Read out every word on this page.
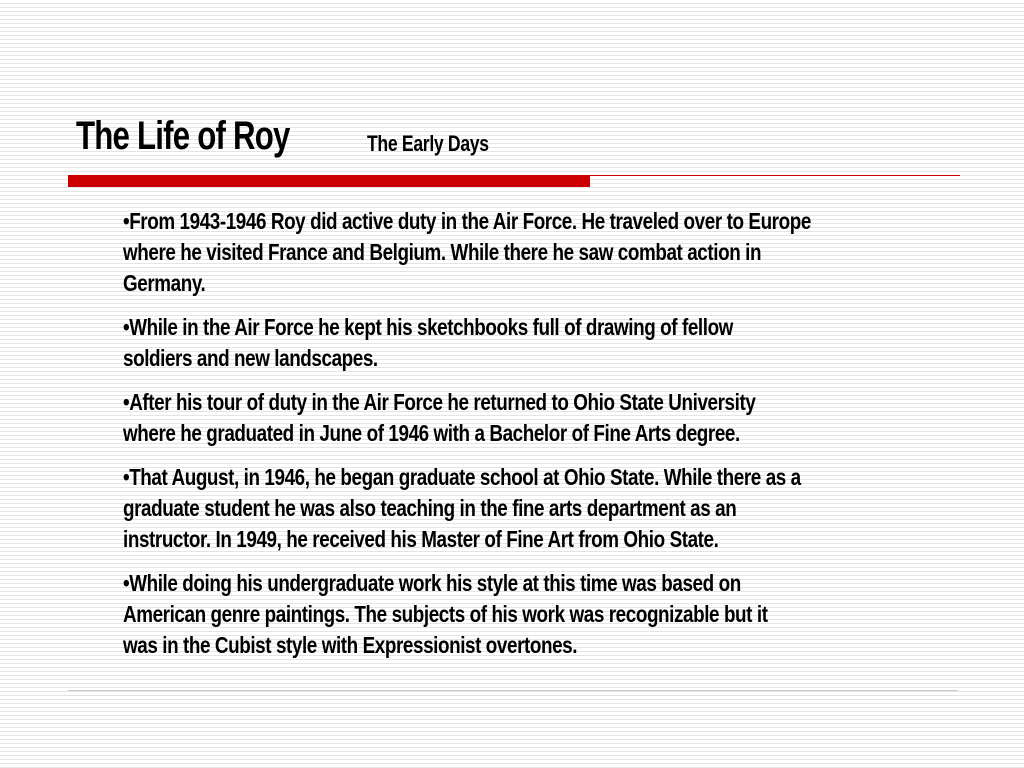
The Life of Roy	The Early Days
•From 1943-1946 Roy did active duty in the Air Force. He traveled over to Europe
where he visited France and Belgium. While there he saw combat action in
Germany.
•While in the Air Force he kept his sketchbooks full of drawing of fellow
soldiers and new landscapes.
•After his tour of duty in the Air Force he returned to Ohio State University
where he graduated in June of 1946 with a Bachelor of Fine Arts degree.
•That August, in 1946, he began graduate school at Ohio State. While there as a
graduate student he was also teaching in the fine arts department as an
instructor. In 1949, he received his Master of Fine Art from Ohio State.
•While doing his undergraduate work his style at this time was based on
American genre paintings. The subjects of his work was recognizable but it
was in the Cubist style with Expressionist overtones.
